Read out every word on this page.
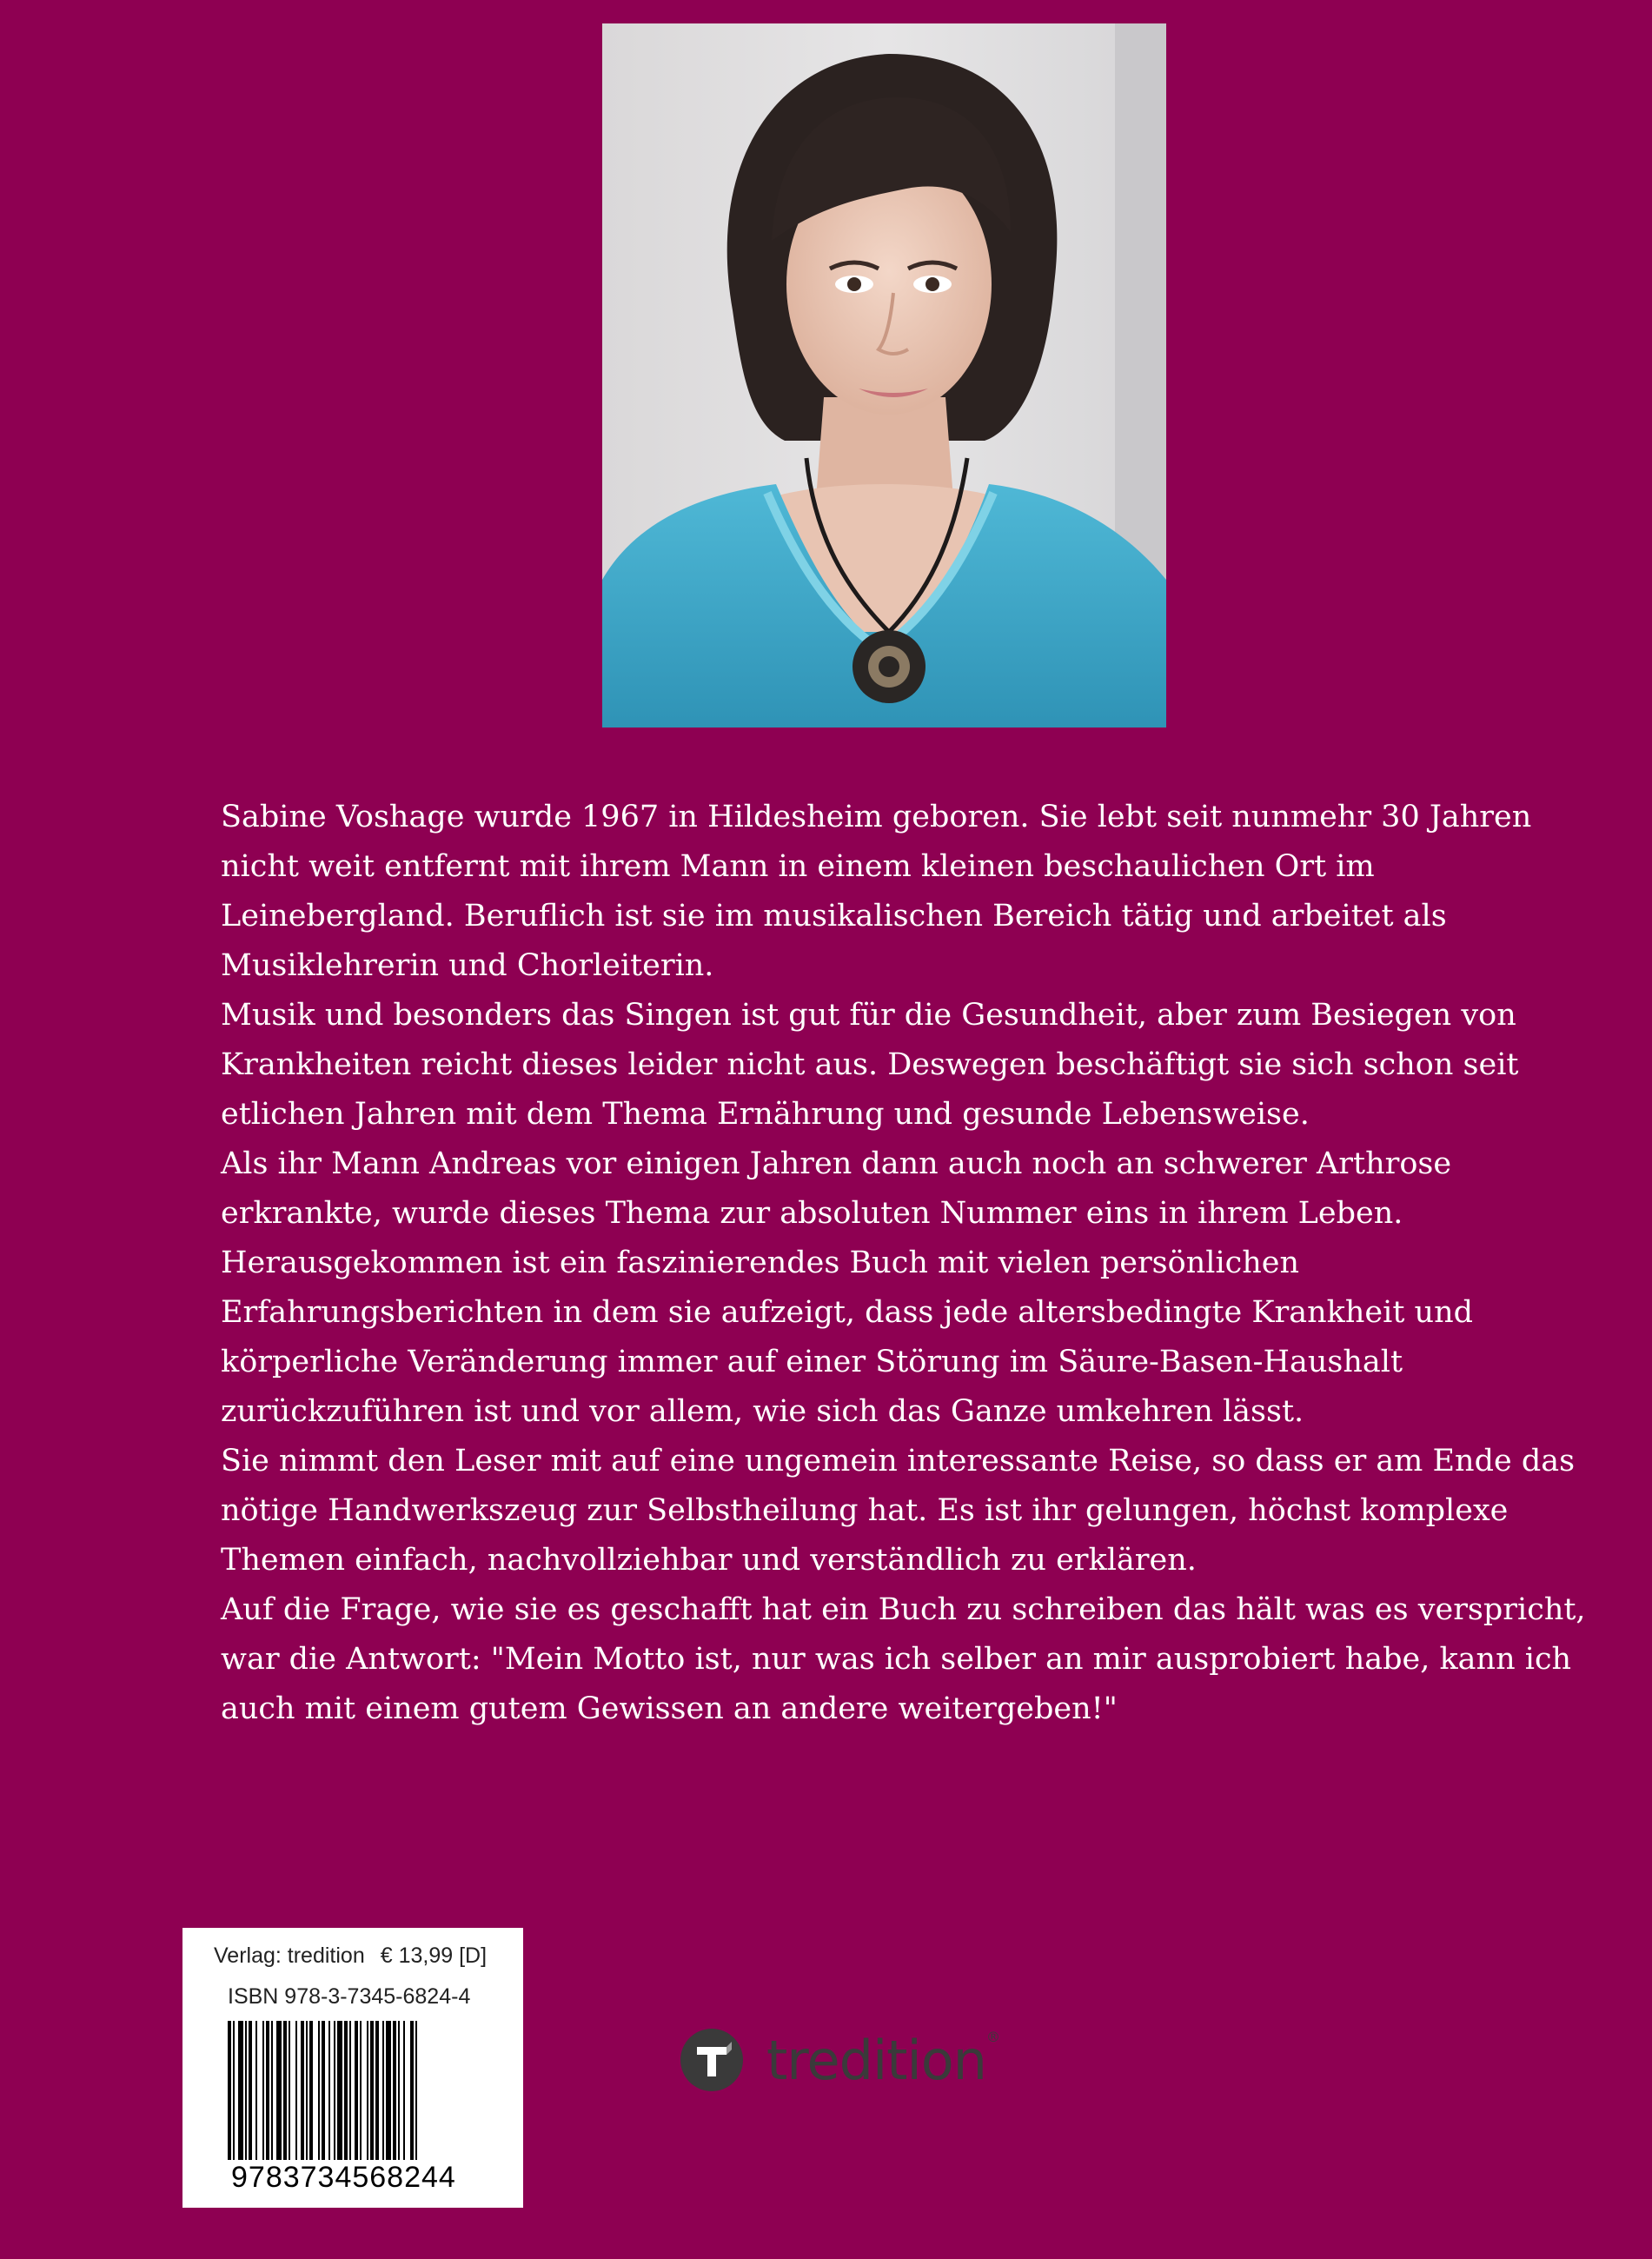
Sabine Voshage wurde 1967 in Hildesheim geboren. Sie lebt seit nunmehr 30 Jahren nicht weit entfernt mit ihrem Mann in einem kleinen beschaulichen Ort im Leinebergland. Beruflich ist sie im musikalischen Bereich tätig und arbeitet als Musiklehrerin und Chorleiterin.

Musik und besonders das Singen ist gut für die Gesundheit, aber zum Besiegen von Krankheiten reicht dieses leider nicht aus. Deswegen beschäftigt sie sich schon seit etlichen Jahren mit dem Thema Ernährung und gesunde Lebensweise.

Als ihr Mann Andreas vor einigen Jahren dann auch noch an schwerer Arthrose erkrankte, wurde dieses Thema zur absoluten Nummer eins in ihrem Leben.

Herausgekommen ist ein faszinierendes Buch mit vielen persönlichen Erfahrungsberichten in dem sie aufzeigt, dass jede altersbedingte Krankheit und körperliche Veränderung immer auf einer Störung im Säure-Basen-Haushalt zurückzuführen ist und vor allem, wie sich das Ganze umkehren lässt.

Sie nimmt den Leser mit auf eine ungemein interessante Reise, so dass er am Ende das nötige Handwerkszeug zur Selbstheilung hat. Es ist ihr gelungen, höchst komplexe Themen einfach, nachvollziehbar und verständlich zu erklären.

Auf die Frage, wie sie es geschafft hat ein Buch zu schreiben das hält was es verspricht, war die Antwort: "Mein Motto ist, nur was ich selber an mir ausprobiert habe, kann ich auch mit einem gutem Gewissen an andere weitergeben!"

Verlag: tredition € 13,99 [D]
ISBN 978-3-7345-6824-4
9783734568244
tredition®
